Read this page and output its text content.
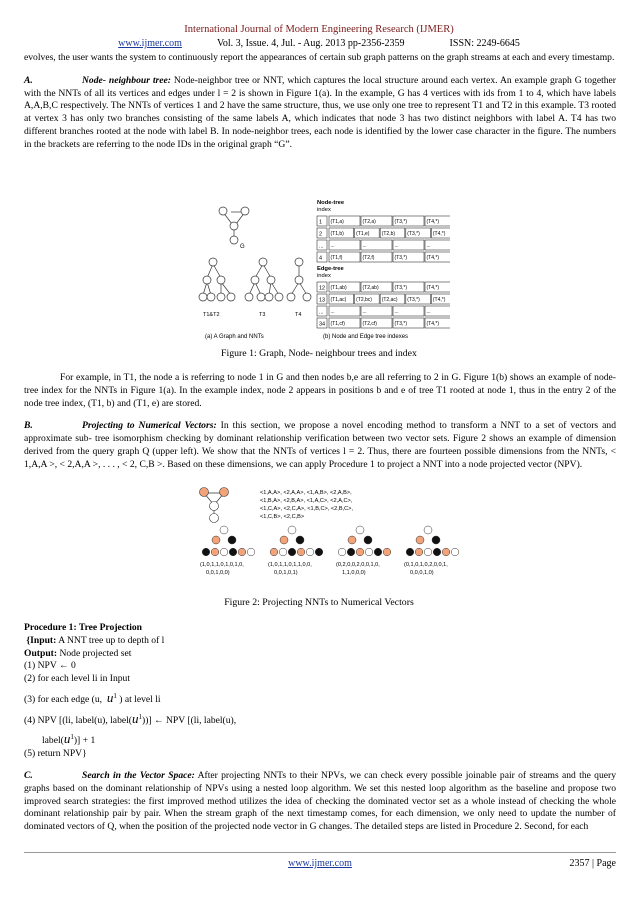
International Journal of Modern Engineering Research (IJMER)
www.ijmer.com	Vol. 3, Issue. 4, Jul. - Aug. 2013 pp-2356-2359	ISSN: 2249-6645

evolves, the user wants the system to continuously report the appearances of certain sub graph patterns on the graph streams at each and every timestamp.

A.	Node- neighbour tree: Node-neighbor tree or NNT, which captures the local structure around each vertex. An example graph G together with the NNTs of all its vertices and edges under l = 2 is shown in Figure 1(a). In the example, G has 4 vertices with ids from 1 to 4, which have labels A,A,B,C respectively. The NNTs of vertices 1 and 2 have the same structure, thus, we use only one tree to represent T1 and T2 in this example. T3 rooted at vertex 3 has only two branches consisting of the same labels A, which indicates that node 3 has two distinct neighbors with label A. T4 has two different branches rooted at the node with label B. In node-neighbor trees, each node is identified by the lower case character in the figure. The numbers in the brackets are referring to the node IDs in the original graph “G”.

G
T1&T2	T3	T4
(a) A Graph and NNTs
Node-tree
index
1 (T1,a)	(T2,a)	(T3,*)	(T4,*)
2 (T1,b) (T1,e) (T2,b) (T3,*)	(T4,*)
... ...	...	...	...
4 (T1,f)	(T2,f)	(T3,*)	(T4,*)
Edge-tree
index
12 (T1,ab)	(T2,ab)	(T3,*)	(T4,*)
13 (T1,ac) (T2,bc) (T2,ac) (T3,*)	(T4,*)
... ...	...	...	...
34 (T1,cf)	(T2,cf)	(T3,*)	(T4,*)
(b) Node and Edge tree indexes
Figure 1: Graph, Node- neighbour trees and index

For example, in T1, the node a is referring to node 1 in G and then nodes b,e are all referring to 2 in G. Figure 1(b) shows an example of node-tree index for the NNTs in Figure 1(a). In the example index, node 2 appears in positions b and e of tree T1 rooted at node 1, thus in the entry 2 of the node tree index, (T1, b) and (T1, e) are stored.

B.	Projecting to Numerical Vectors: In this section, we propose a novel encoding method to transform a NNT to a set of vectors and approximate sub- tree isomorphism checking by dominant relationship verification between two vector sets. Figure 2 shows an example of dimension derived from the query graph Q (upper left). We show that the NNTs of vertices l = 2. Thus, there are fourteen possible dimensions from the NNTs, < 1,A,A >, < 2,A,A >, . . . , < 2, C,B >. Based on these dimensions, we can apply Procedure 1 to project a NNT into a node projected vector (NPV).

<1,A,A>, <2,A,A>, <1,A,B>, <2,A,B>,
<1,B,A>, <2,B,A>, <1,A,C>, <2,A,C>,
<1,C,A>, <2,C,A>, <1,B,C>, <2,B,C>,
<1,C,B>, <2,C,B>
(1,0,1,1,0,1,0,1,0,
0,0,1,0,0)
(1,0,1,1,0,1,1,0,0,
0,0,1,0,1)
(0,2,0,0,2,0,0,1,0,
1,1,0,0,0)
(0,1,0,1,0,2,0,0,1,
0,0,0,1,0)
Figure 2: Projecting NNTs to Numerical Vectors
Procedure 1: Tree Projection
{Input: A NNT tree up to depth of l
Output: Node projected set
(1) NPV ← 0
(2) for each level li in Input
(3) for each edge (u, $u^1$ ) at level li
(4) NPV [(li, label(u), $label(u^1)$)] ← NPV [(li, label(u),
$label(u^1)] + 1$
(5) return NPV}

C.	Search in the Vector Space: After projecting NNTs to their NPVs, we can check every possible joinable pair of streams and the query graphs based on the dominant relationship of NPVs using a nested loop algorithm. We set this nested loop algorithm as the baseline and propose two improved search strategies: the first improved method utilizes the idea of checking the dominated vector set as a whole instead of checking the whole dominant relationship pair by pair. When the stream graph of the next timestamp comes, for each dimension, we only need to update the number of dominated vectors of Q, when the position of the projected node vector in G changes. The detailed steps are listed in Procedure 2. Second, for each

www.ijmer.com	2357 | Page
